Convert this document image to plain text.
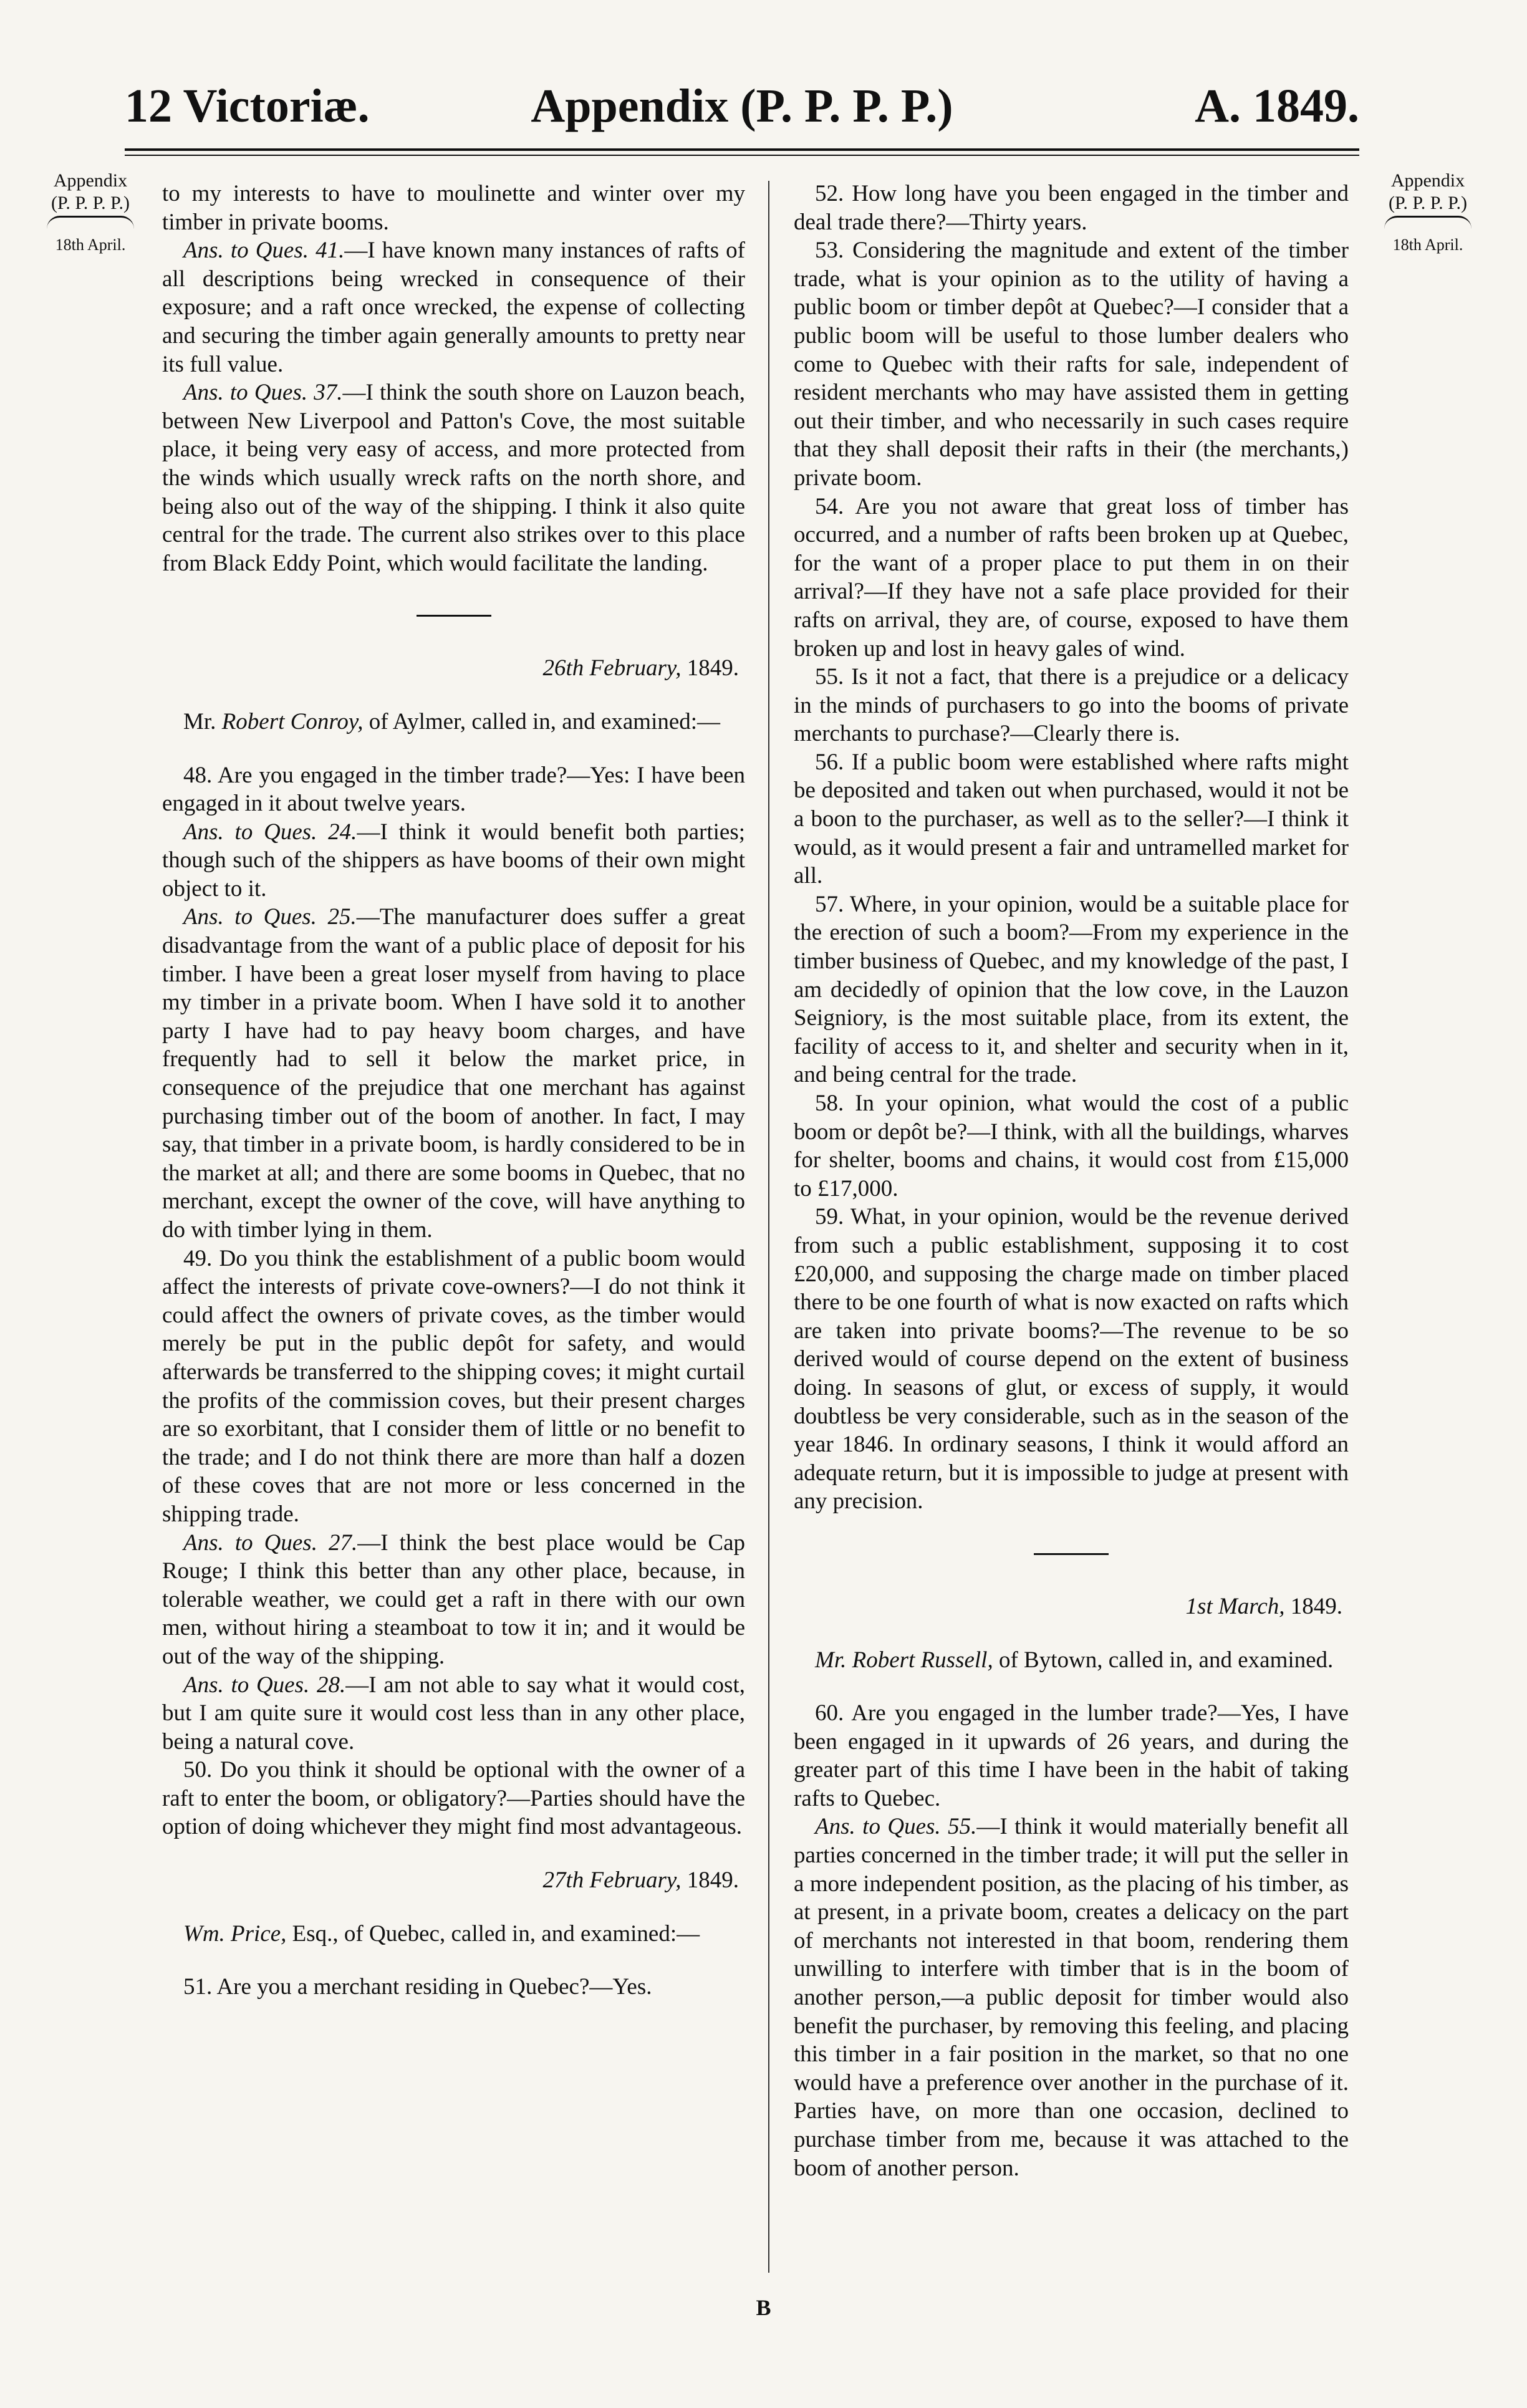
12 Victoriæ.	Appendix (P. P. P. P.)	A. 1849.
Appendix
(P. P. P. P.)
18th April.
Appendix
(P. P. P. P.)
18th April.

to my interests to have to moulinette and winter over my timber in private booms.

Ans. to Ques. 41.—I have known many instances of rafts of all descriptions being wrecked in consequence of their exposure; and a raft once wrecked, the expense of collecting and securing the timber again generally amounts to pretty near its full value.

Ans. to Ques. 37.—I think the south shore on Lauzon beach, between New Liverpool and Patton's Cove, the most suitable place, it being very easy of access, and more protected from the winds which usually wreck rafts on the north shore, and being also out of the way of the shipping. I think it also quite central for the trade. The current also strikes over to this place from Black Eddy Point, which would facilitate the landing.

26th February, 1849.

Mr. Robert Conroy, of Aylmer, called in, and examined:—

48. Are you engaged in the timber trade?—Yes: I have been engaged in it about twelve years.

Ans. to Ques. 24.—I think it would benefit both parties; though such of the shippers as have booms of their own might object to it.

Ans. to Ques. 25.—The manufacturer does suffer a great disadvantage from the want of a public place of deposit for his timber. I have been a great loser myself from having to place my timber in a private boom. When I have sold it to another party I have had to pay heavy boom charges, and have frequently had to sell it below the market price, in consequence of the prejudice that one merchant has against purchasing timber out of the boom of another. In fact, I may say, that timber in a private boom, is hardly considered to be in the market at all; and there are some booms in Quebec, that no merchant, except the owner of the cove, will have anything to do with timber lying in them.

49. Do you think the establishment of a public boom would affect the interests of private cove-owners?—I do not think it could affect the owners of private coves, as the timber would merely be put in the public depôt for safety, and would afterwards be transferred to the shipping coves; it might curtail the profits of the commission coves, but their present charges are so exorbitant, that I consider them of little or no benefit to the trade; and I do not think there are more than half a dozen of these coves that are not more or less concerned in the shipping trade.

Ans. to Ques. 27.—I think the best place would be Cap Rouge; I think this better than any other place, because, in tolerable weather, we could get a raft in there with our own men, without hiring a steamboat to tow it in; and it would be out of the way of the shipping.

Ans. to Ques. 28.—I am not able to say what it would cost, but I am quite sure it would cost less than in any other place, being a natural cove.

50. Do you think it should be optional with the owner of a raft to enter the boom, or obligatory?—Parties should have the option of doing whichever they might find most advantageous.

27th February, 1849.

Wm. Price, Esq., of Quebec, called in, and examined:—

51. Are you a merchant residing in Quebec?—Yes.

52. How long have you been engaged in the timber and deal trade there?—Thirty years.

53. Considering the magnitude and extent of the timber trade, what is your opinion as to the utility of having a public boom or timber depôt at Quebec?—I consider that a public boom will be useful to those lumber dealers who come to Quebec with their rafts for sale, independent of resident merchants who may have assisted them in getting out their timber, and who necessarily in such cases require that they shall deposit their rafts in their (the merchants,) private boom.

54. Are you not aware that great loss of timber has occurred, and a number of rafts been broken up at Quebec, for the want of a proper place to put them in on their arrival?—If they have not a safe place provided for their rafts on arrival, they are, of course, exposed to have them broken up and lost in heavy gales of wind.

55. Is it not a fact, that there is a prejudice or a delicacy in the minds of purchasers to go into the booms of private merchants to purchase?—Clearly there is.

56. If a public boom were established where rafts might be deposited and taken out when purchased, would it not be a boon to the purchaser, as well as to the seller?—I think it would, as it would present a fair and untramelled market for all.

57. Where, in your opinion, would be a suitable place for the erection of such a boom?—From my experience in the timber business of Quebec, and my knowledge of the past, I am decidedly of opinion that the low cove, in the Lauzon Seigniory, is the most suitable place, from its extent, the facility of access to it, and shelter and security when in it, and being central for the trade.

58. In your opinion, what would the cost of a public boom or depôt be?—I think, with all the buildings, wharves for shelter, booms and chains, it would cost from £15,000 to £17,000.

59. What, in your opinion, would be the revenue derived from such a public establishment, supposing it to cost £20,000, and supposing the charge made on timber placed there to be one fourth of what is now exacted on rafts which are taken into private booms?—The revenue to be so derived would of course depend on the extent of business doing. In seasons of glut, or excess of supply, it would doubtless be very considerable, such as in the season of the year 1846. In ordinary seasons, I think it would afford an adequate return, but it is impossible to judge at present with any precision.

1st March, 1849.

Mr. Robert Russell, of Bytown, called in, and examined.

60. Are you engaged in the lumber trade?—Yes, I have been engaged in it upwards of 26 years, and during the greater part of this time I have been in the habit of taking rafts to Quebec.

Ans. to Ques. 55.—I think it would materially benefit all parties concerned in the timber trade; it will put the seller in a more independent position, as the placing of his timber, as at present, in a private boom, creates a delicacy on the part of merchants not interested in that boom, rendering them unwilling to interfere with timber that is in the boom of another person,—a public deposit for timber would also benefit the purchaser, by removing this feeling, and placing this timber in a fair position in the market, so that no one would have a preference over another in the purchase of it. Parties have, on more than one occasion, declined to purchase timber from me, because it was attached to the boom of another person.

B
